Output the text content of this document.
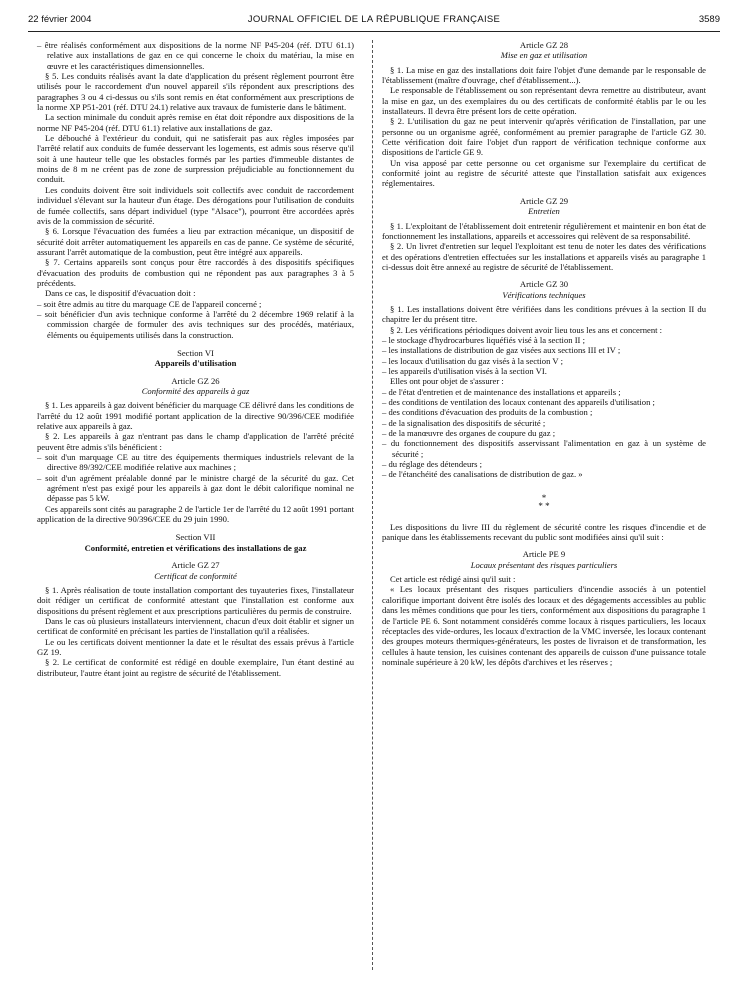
22 février 2004	JOURNAL OFFICIEL DE LA RÉPUBLIQUE FRANÇAISE	3589

– être réalisés conformément aux dispositions de la norme NF P45-204 (réf. DTU 61.1) relative aux installations de gaz en ce qui concerne le choix du matériau, la mise en œuvre et les caractéristiques dimensionnelles.

§ 5. Les conduits réalisés avant la date d'application du présent règlement pourront être utilisés pour le raccordement d'un nouvel appareil s'ils répondent aux prescriptions des paragraphes 3 ou 4 ci-dessus ou s'ils sont remis en état conformément aux prescriptions de la norme XP P51-201 (réf. DTU 24.1) relative aux travaux de fumisterie dans le bâtiment.

La section minimale du conduit après remise en état doit répondre aux dispositions de la norme NF P45-204 (réf. DTU 61.1) relative aux installations de gaz.

Le débouché à l'extérieur du conduit, qui ne satisferait pas aux règles imposées par l'arrêté relatif aux conduits de fumée desservant les logements, est admis sous réserve qu'il soit à une hauteur telle que les obstacles formés par les parties d'immeuble distantes de moins de 8 m ne créent pas de zone de surpression préjudiciable au fonctionnement du conduit.

Les conduits doivent être soit individuels soit collectifs avec conduit de raccordement individuel s'élevant sur la hauteur d'un étage. Des dérogations pour l'utilisation de conduits de fumée collectifs, sans départ individuel (type "Alsace"), pourront être accordées après avis de la commission de sécurité.

§ 6. Lorsque l'évacuation des fumées a lieu par extraction mécanique, un dispositif de sécurité doit arrêter automatiquement les appareils en cas de panne. Ce système de sécurité, assurant l'arrêt automatique de la combustion, peut être intégré aux appareils.

§ 7. Certains appareils sont conçus pour être raccordés à des dispositifs spécifiques d'évacuation des produits de combustion qui ne répondent pas aux paragraphes 3 à 5 précédents.

Dans ce cas, le dispositif d'évacuation doit :

– soit être admis au titre du marquage CE de l'appareil concerné ;

– soit bénéficier d'un avis technique conforme à l'arrêté du 2 décembre 1969 relatif à la commission chargée de formuler des avis techniques sur des procédés, matériaux, éléments ou équipements utilisés dans la construction.

Section VI

Appareils d'utilisation

Article GZ 26

Conformité des appareils à gaz

§ 1. Les appareils à gaz doivent bénéficier du marquage CE délivré dans les conditions de l'arrêté du 12 août 1991 modifié portant application de la directive 90/396/CEE modifiée relative aux appareils à gaz.

§ 2. Les appareils à gaz n'entrant pas dans le champ d'application de l'arrêté précité peuvent être admis s'ils bénéficient :

– soit d'un marquage CE au titre des équipements thermiques industriels relevant de la directive 89/392/CEE modifiée relative aux machines ;

– soit d'un agrément préalable donné par le ministre chargé de la sécurité du gaz. Cet agrément n'est pas exigé pour les appareils à gaz dont le débit calorifique nominal ne dépasse pas 5 kW.

Ces appareils sont cités au paragraphe 2 de l'article 1er de l'arrêté du 12 août 1991 portant application de la directive 90/396/CEE du 29 juin 1990.

Section VII

Conformité, entretien et vérifications des installations de gaz

Article GZ 27

Certificat de conformité

§ 1. Après réalisation de toute installation comportant des tuyauteries fixes, l'installateur doit rédiger un certificat de conformité attestant que l'installation est conforme aux dispositions du présent règlement et aux prescriptions particulières du permis de construire.

Dans le cas où plusieurs installateurs interviennent, chacun d'eux doit établir et signer un certificat de conformité en précisant les parties de l'installation qu'il a réalisées.

Le ou les certificats doivent mentionner la date et le résultat des essais prévus à l'article GZ 19.

§ 2. Le certificat de conformité est rédigé en double exemplaire, l'un étant destiné au distributeur, l'autre étant joint au registre de sécurité de l'établissement.

Article GZ 28

Mise en gaz et utilisation

§ 1. La mise en gaz des installations doit faire l'objet d'une demande par le responsable de l'établissement (maître d'ouvrage, chef d'établissement...).

Le responsable de l'établissement ou son représentant devra remettre au distributeur, avant la mise en gaz, un des exemplaires du ou des certificats de conformité établis par le ou les installateurs. Il devra être présent lors de cette opération.

§ 2. L'utilisation du gaz ne peut intervenir qu'après vérification de l'installation, par une personne ou un organisme agréé, conformément au premier paragraphe de l'article GZ 30. Cette vérification doit faire l'objet d'un rapport de vérification technique conforme aux dispositions de l'article GE 9.

Un visa apposé par cette personne ou cet organisme sur l'exemplaire du certificat de conformité joint au registre de sécurité atteste que l'installation satisfait aux exigences réglementaires.

Article GZ 29

Entretien

§ 1. L'exploitant de l'établissement doit entretenir régulièrement et maintenir en bon état de fonctionnement les installations, appareils et accessoires qui relèvent de sa responsabilité.

§ 2. Un livret d'entretien sur lequel l'exploitant est tenu de noter les dates des vérifications et des opérations d'entretien effectuées sur les installations et appareils visés au paragraphe 1 ci-dessus doit être annexé au registre de sécurité de l'établissement.

Article GZ 30

Vérifications techniques

§ 1. Les installations doivent être vérifiées dans les conditions prévues à la section II du chapitre Ier du présent titre.

§ 2. Les vérifications périodiques doivent avoir lieu tous les ans et concernent :

– le stockage d'hydrocarbures liquéfiés visé à la section II ;

– les installations de distribution de gaz visées aux sections III et IV ;

– les locaux d'utilisation du gaz visés à la section V ;

– les appareils d'utilisation visés à la section VI.

Elles ont pour objet de s'assurer :

– de l'état d'entretien et de maintenance des installations et appareils ;

– des conditions de ventilation des locaux contenant des appareils d'utilisation ;

– des conditions d'évacuation des produits de la combustion ;

– de la signalisation des dispositifs de sécurité ;

– de la manœuvre des organes de coupure du gaz ;

– du fonctionnement des dispositifs asservissant l'alimentation en gaz à un système de sécurité ;

– du réglage des détendeurs ;

– de l'étanchéité des canalisations de distribution de gaz. »

*
* *

Les dispositions du livre III du règlement de sécurité contre les risques d'incendie et de panique dans les établissements recevant du public sont modifiées ainsi qu'il suit :

Article PE 9

Locaux présentant des risques particuliers

Cet article est rédigé ainsi qu'il suit :

« Les locaux présentant des risques particuliers d'incendie associés à un potentiel calorifique important doivent être isolés des locaux et des dégagements accessibles au public dans les mêmes conditions que pour les tiers, conformément aux dispositions du paragraphe 1 de l'article PE 6. Sont notamment considérés comme locaux à risques particuliers, les locaux réceptacles des vide-ordures, les locaux d'extraction de la VMC inversée, les locaux contenant des groupes moteurs thermiques-générateurs, les postes de livraison et de transformation, les cellules à haute tension, les cuisines contenant des appareils de cuisson d'une puissance totale nominale supérieure à 20 kW, les dépôts d'archives et les réserves ;
